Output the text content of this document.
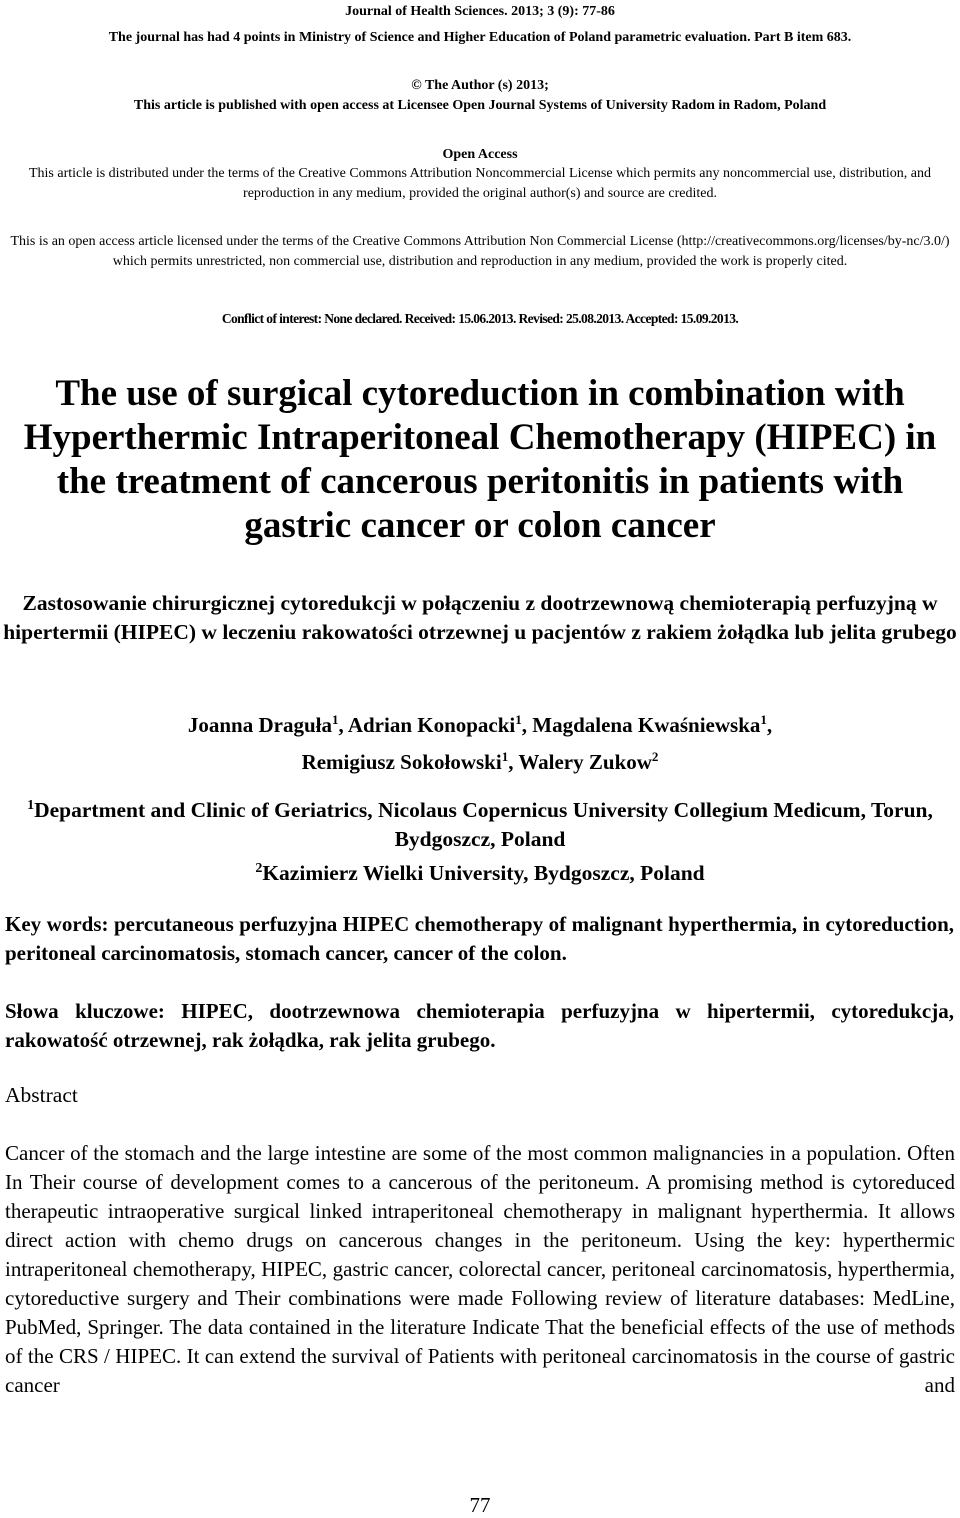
Journal of Health Sciences. 2013; 3 (9): 77-86
The journal has had 4 points in Ministry of Science and Higher Education of Poland parametric evaluation. Part B item 683.
© The Author (s) 2013;
This article is published with open access at Licensee Open Journal Systems of University Radom in Radom, Poland
Open Access
This article is distributed under the terms of the Creative Commons Attribution Noncommercial License which permits any noncommercial use, distribution, and reproduction in any medium, provided the original author(s) and source are credited.
This is an open access article licensed under the terms of the Creative Commons Attribution Non Commercial License (http://creativecommons.org/licenses/by-nc/3.0/) which permits unrestricted, non commercial use, distribution and reproduction in any medium, provided the work is properly cited.
Conflict of interest: None declared. Received: 15.06.2013. Revised: 25.08.2013. Accepted: 15.09.2013.
The use of surgical cytoreduction in combination with Hyperthermic Intraperitoneal Chemotherapy (HIPEC) in the treatment of cancerous peritonitis in patients with gastric cancer or colon cancer
Zastosowanie chirurgicznej cytoredukcji w połączeniu z dootrzewnową chemioterapią perfuzyjną w hipertermii (HIPEC) w leczeniu rakowatości otrzewnej u pacjentów z rakiem żołądka lub jelita grubego
Joanna Draguła$^1$, Adrian Konopacki$^1$, Magdalena Kwaśniewska$^1$,
Remigiusz Sokołowski$^1$, Walery Zukow$^2$
$^1$Department and Clinic of Geriatrics, Nicolaus Copernicus University Collegium Medicum, Torun, Bydgoszcz, Poland
$^2$Kazimierz Wielki University, Bydgoszcz, Poland
Key words: percutaneous perfuzyjna HIPEC chemotherapy of malignant hyperthermia, in cytoreduction, peritoneal carcinomatosis, stomach cancer, cancer of the colon.
Słowa kluczowe: HIPEC, dootrzewnowa chemioterapia perfuzyjna w hipertermii, cytoredukcja, rakowatość otrzewnej, rak żołądka, rak jelita grubego.
Abstract
Cancer of the stomach and the large intestine are some of the most common malignancies in a population. Often In Their course of development comes to a cancerous of the peritoneum. A promising method is cytoreduced therapeutic intraoperative surgical linked intraperitoneal chemotherapy in malignant hyperthermia. It allows direct action with chemo drugs on cancerous changes in the peritoneum. Using the key: hyperthermic intraperitoneal chemotherapy, HIPEC, gastric cancer, colorectal cancer, peritoneal carcinomatosis, hyperthermia, cytoreductive surgery and Their combinations were made Following review of literature databases: MedLine, PubMed, Springer. The data contained in the literature Indicate That the beneficial effects of the use of methods of the CRS / HIPEC. It can extend the survival of Patients with peritoneal carcinomatosis in the course of gastric cancer and
77
